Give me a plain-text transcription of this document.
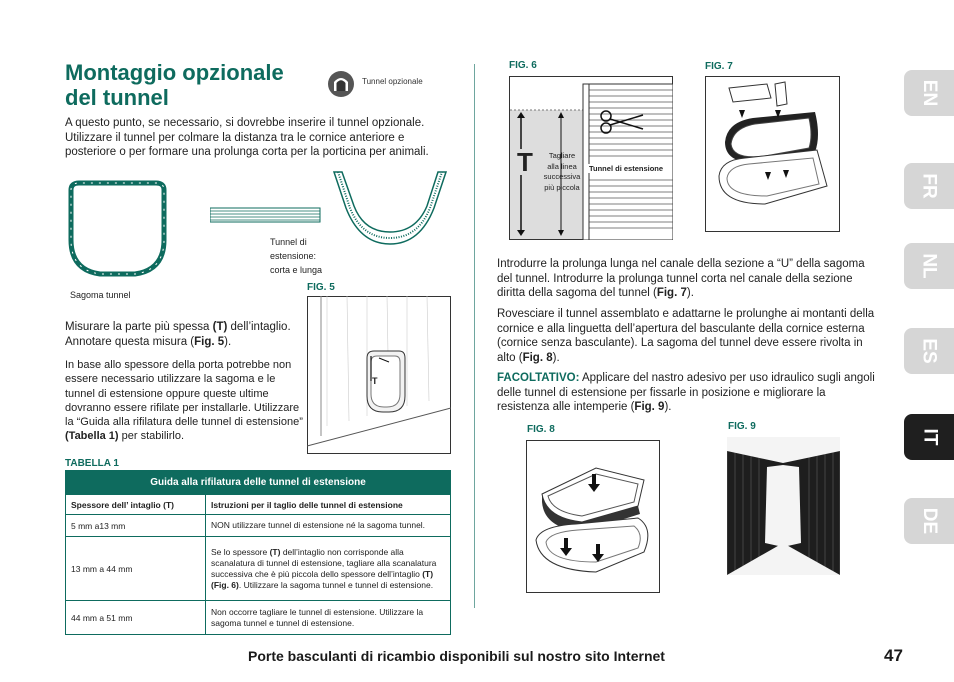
Montaggio opzionale del tunnel
Tunnel opzionale
A questo punto, se necessario, si dovrebbe inserire il tunnel opzionale. Utilizzare il tunnel per colmare la distanza tra le cornice anteriore e posteriore o per formare una prolunga corta per la porticina per animali.
Sagoma tunnel
Tunnel di
estensione:
corta e lunga
FIG. 5
T
Misurare la parte più spessa (T) dell’intaglio. Annotare questa misura (Fig. 5).
In base allo spessore della porta potrebbe non essere necessario utilizzare la sagoma e le tunnel di estensione oppure queste ultime dovranno essere rifilate per installarle. Utilizzare la “Guida alla rifilatura delle tunnel di estensione” (Tabella 1) per stabilirlo.
TABELLA 1
Guida alla rifilatura delle tunnel di estensione	
Spessore dell’ intaglio (T)	Istruzioni per il taglio delle tunnel di estensione
5 mm a13 mm	NON utilizzare tunnel di estensione né la sagoma tunnel.
13 mm a 44 mm	Se lo spessore (T) dell’intaglio non corrisponde alla scanalatura di tunnel di estensione, tagliare alla scanalatura successiva che è più piccola dello spessore dell’intaglio (T) (Fig. 6). Utilizzare la sagoma tunnel e tunnel di estensione.
44 mm a 51 mm	Non occorre tagliare le tunnel di estensione. Utilizzare la sagoma tunnel e tunnel di estensione.
FIG. 6
T	Tagliare
alla linea
successiva
più piccola
Tunnel di estensione
FIG. 7
Introdurre la prolunga lunga nel canale della sezione a “U” della sagoma del tunnel. Introdurre la prolunga tunnel corta nel canale della sezione diritta della sagoma del tunnel (Fig. 7).
Rovesciare il tunnel assemblato e adattarne le prolunghe ai montanti della cornice e alla linguetta dell’apertura del basculante della cornice esterna (cornice senza basculante). La sagoma del tunnel deve essere rivolta in alto (Fig. 8).
FACOLTATIVO: Applicare del nastro adesivo per uso idraulico sugli angoli delle tunnel di estensione per fissarle in posizione e migliorare la resistenza alle intemperie (Fig. 9).
FIG. 8	FIG. 9
EN
FR
NL
ES
IT
DE
Porte basculanti di ricambio disponibili sul nostro sito Internet	47
